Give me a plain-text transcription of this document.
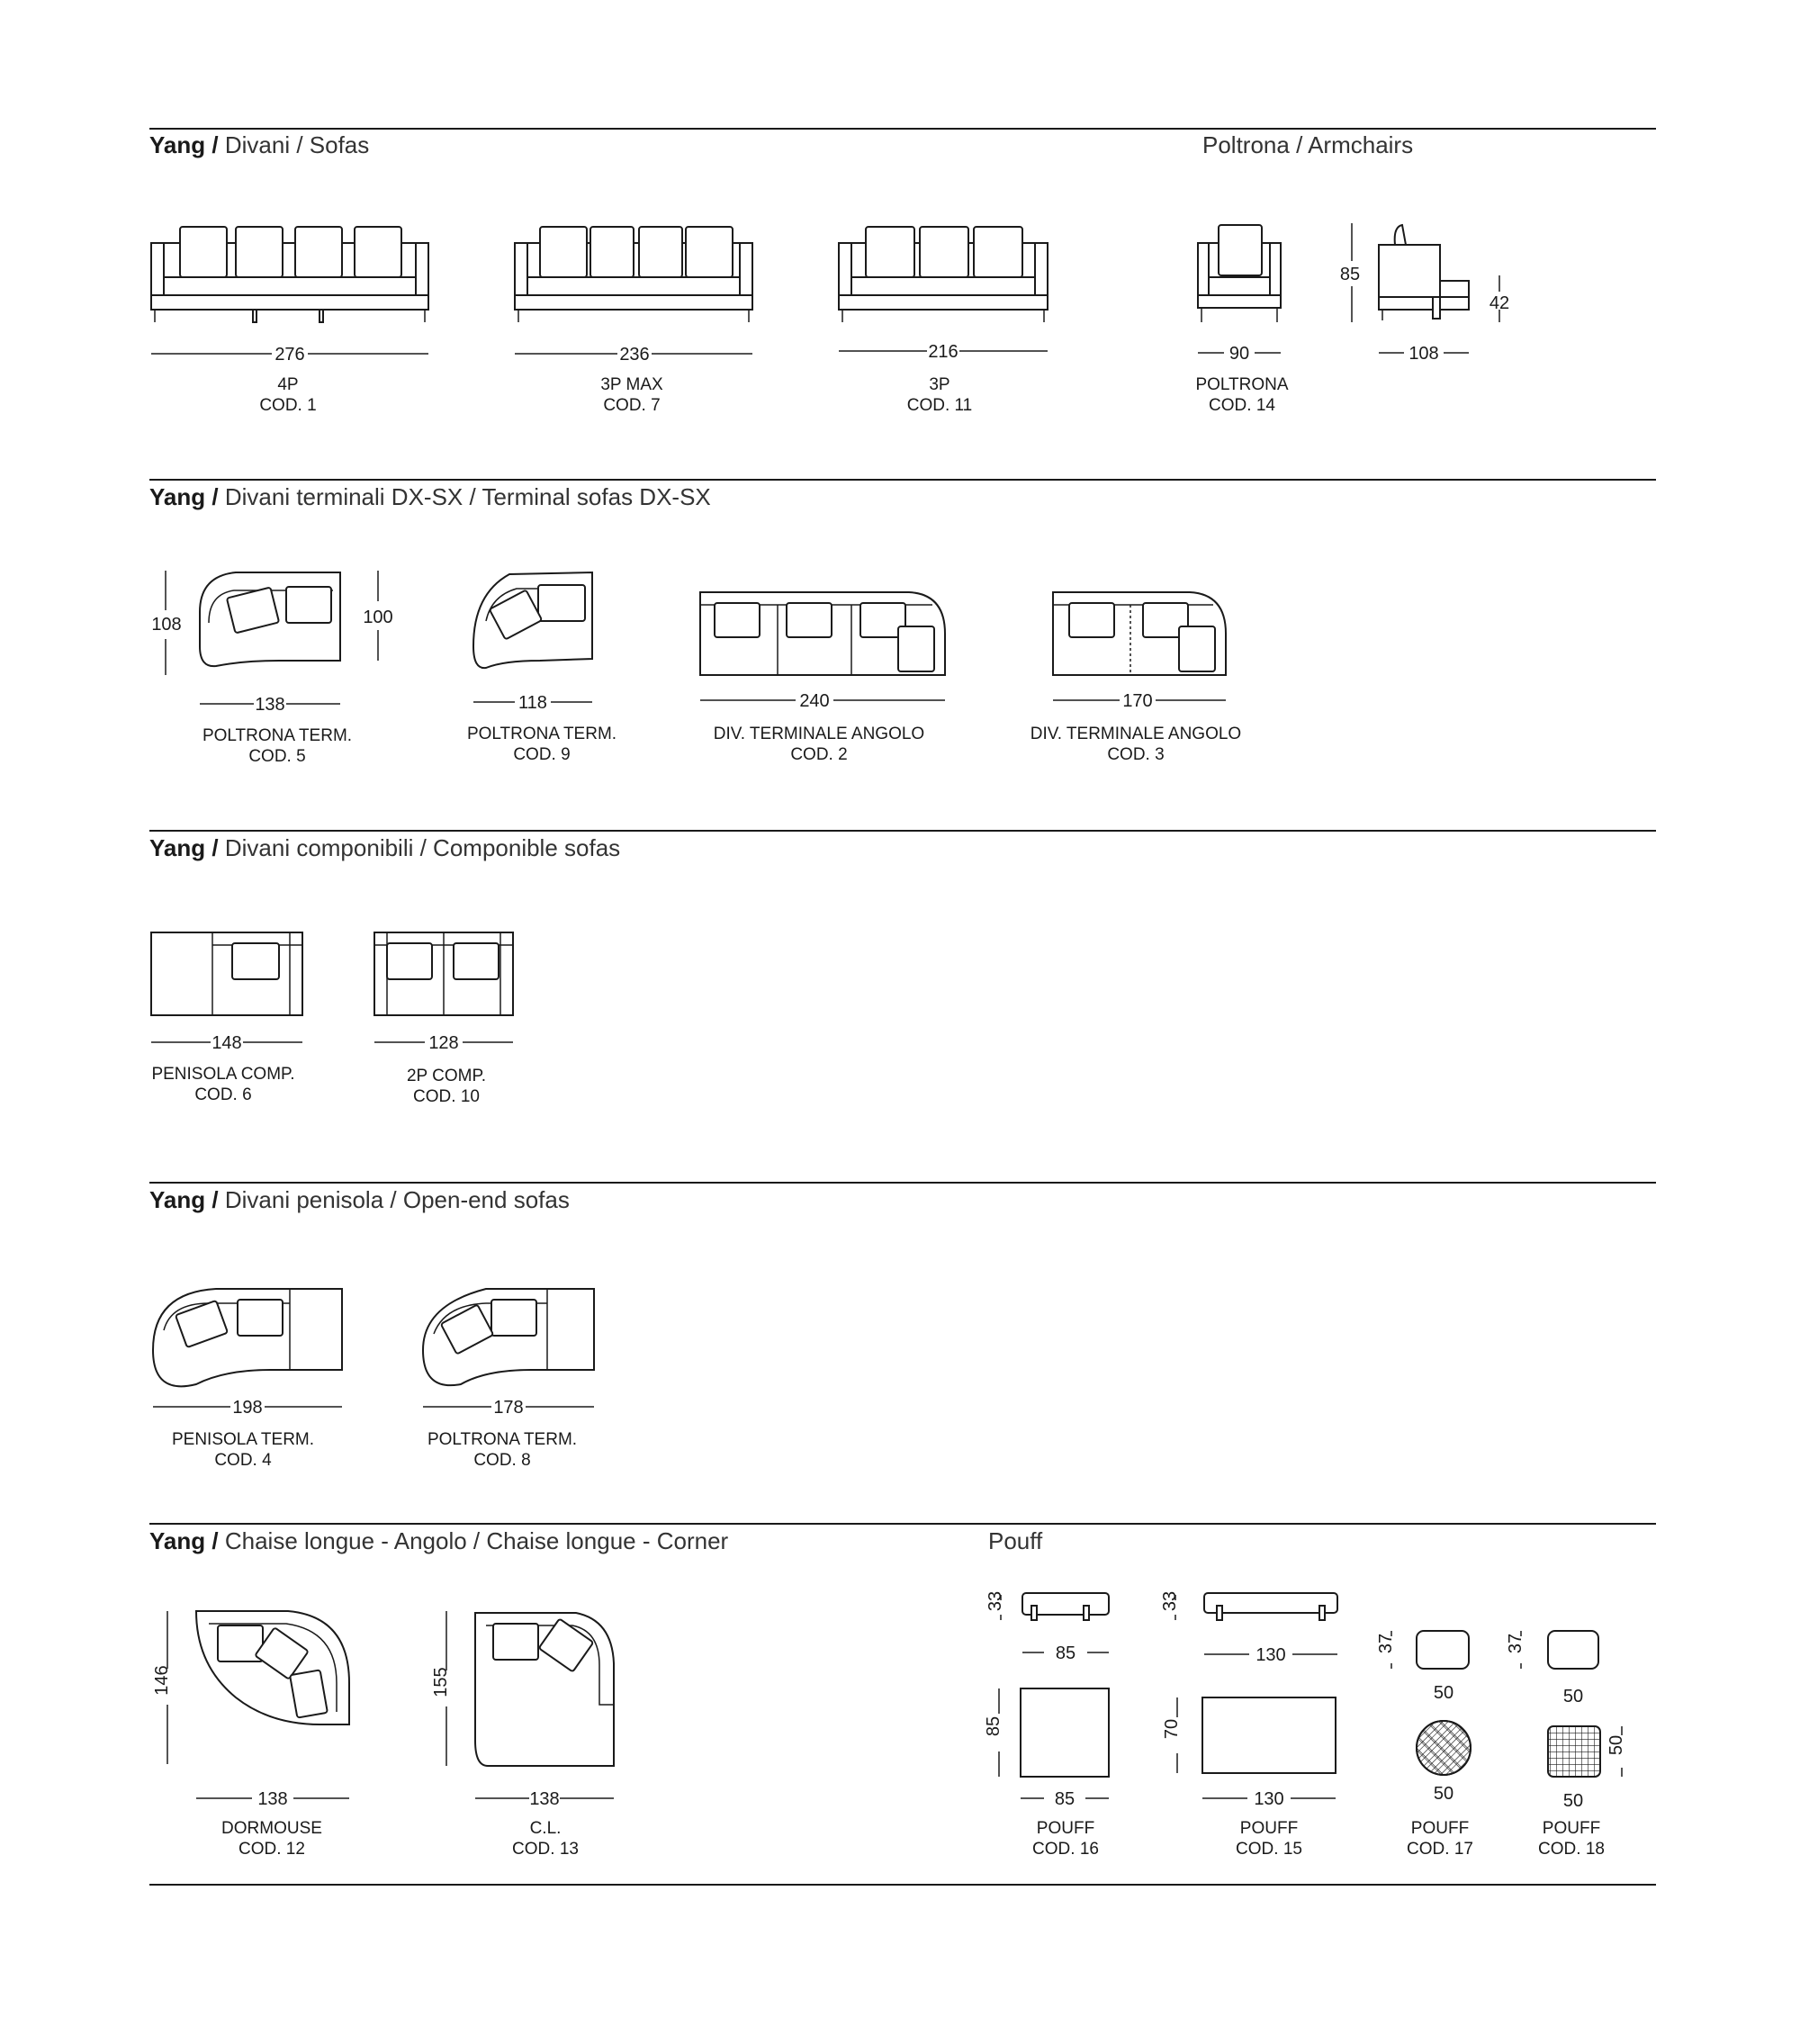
Yang / Divani / Sofas	Poltrona / Armchairs
Yang / Divani terminali DX-SX / Terminal sofas DX-SX
Yang / Divani componibili / Componible sofas
Yang / Divani penisola / Open-end sofas
Yang / Chaise longue - Angolo / Chaise longue - Corner	Pouff
276	236	216	90	108
85
42
108	100
138	118	240	170
148	128
198	178
146	155
138	138
33	33
37	37
85	130
50	50
85	70
50
85	130	50	50
4P
COD. 1
3P MAX
COD. 7
3P
COD. 11
POLTRONA
COD. 14
POLTRONA TERM.
COD. 5
POLTRONA TERM.
COD. 9
DIV. TERMINALE ANGOLO
COD. 2
DIV. TERMINALE ANGOLO
COD. 3
PENISOLA COMP.
COD. 6
2P COMP.
COD. 10
PENISOLA TERM.
COD. 4
POLTRONA TERM.
COD. 8
DORMOUSE
COD. 12
C.L.
COD. 13
POUFF
COD. 16
POUFF
COD. 15
POUFF
COD. 17
POUFF
COD. 18
